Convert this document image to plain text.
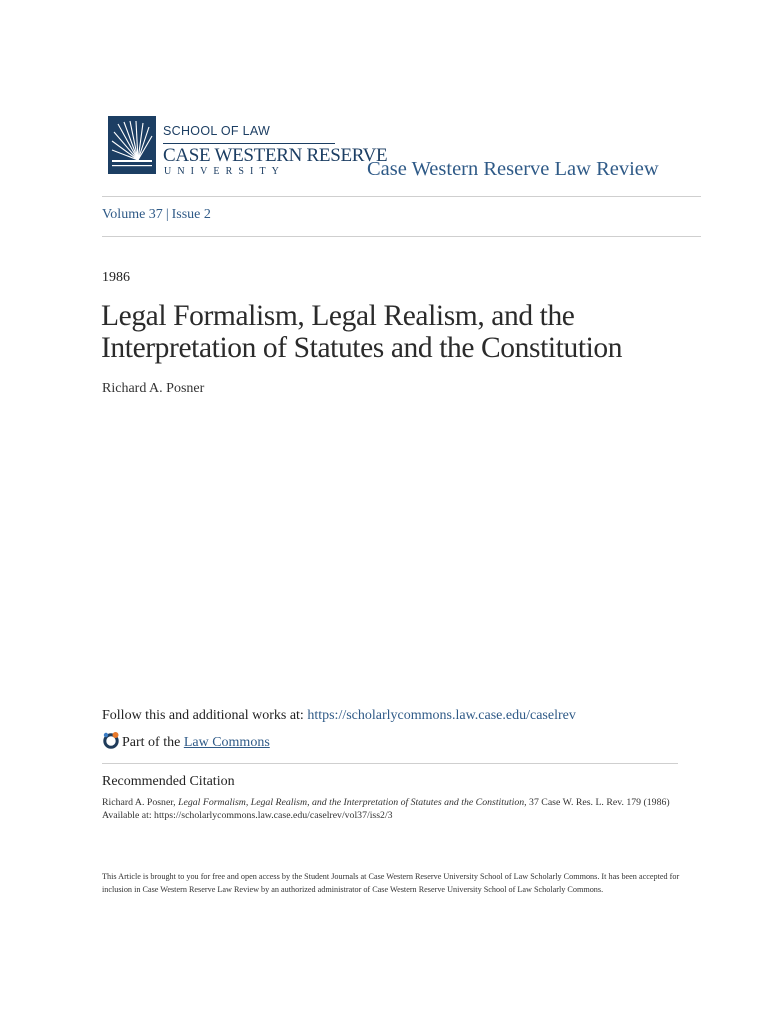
SCHOOL OF LAW
CASE WESTERN RESERVE
UNIVERSITY	Case Western Reserve Law Review
Volume 37 | Issue 2
1986
Legal Formalism, Legal Realism, and the Interpretation of Statutes and the Constitution
Richard A. Posner
Follow this and additional works at: https://scholarlycommons.law.case.edu/caselrev
Part of the Law Commons
Recommended Citation
Richard A. Posner, Legal Formalism, Legal Realism, and the Interpretation of Statutes and the Constitution, 37 Case W. Res. L. Rev. 179 (1986)
Available at: https://scholarlycommons.law.case.edu/caselrev/vol37/iss2/3
This Article is brought to you for free and open access by the Student Journals at Case Western Reserve University School of Law Scholarly Commons. It has been accepted for inclusion in Case Western Reserve Law Review by an authorized administrator of Case Western Reserve University School of Law Scholarly Commons.
